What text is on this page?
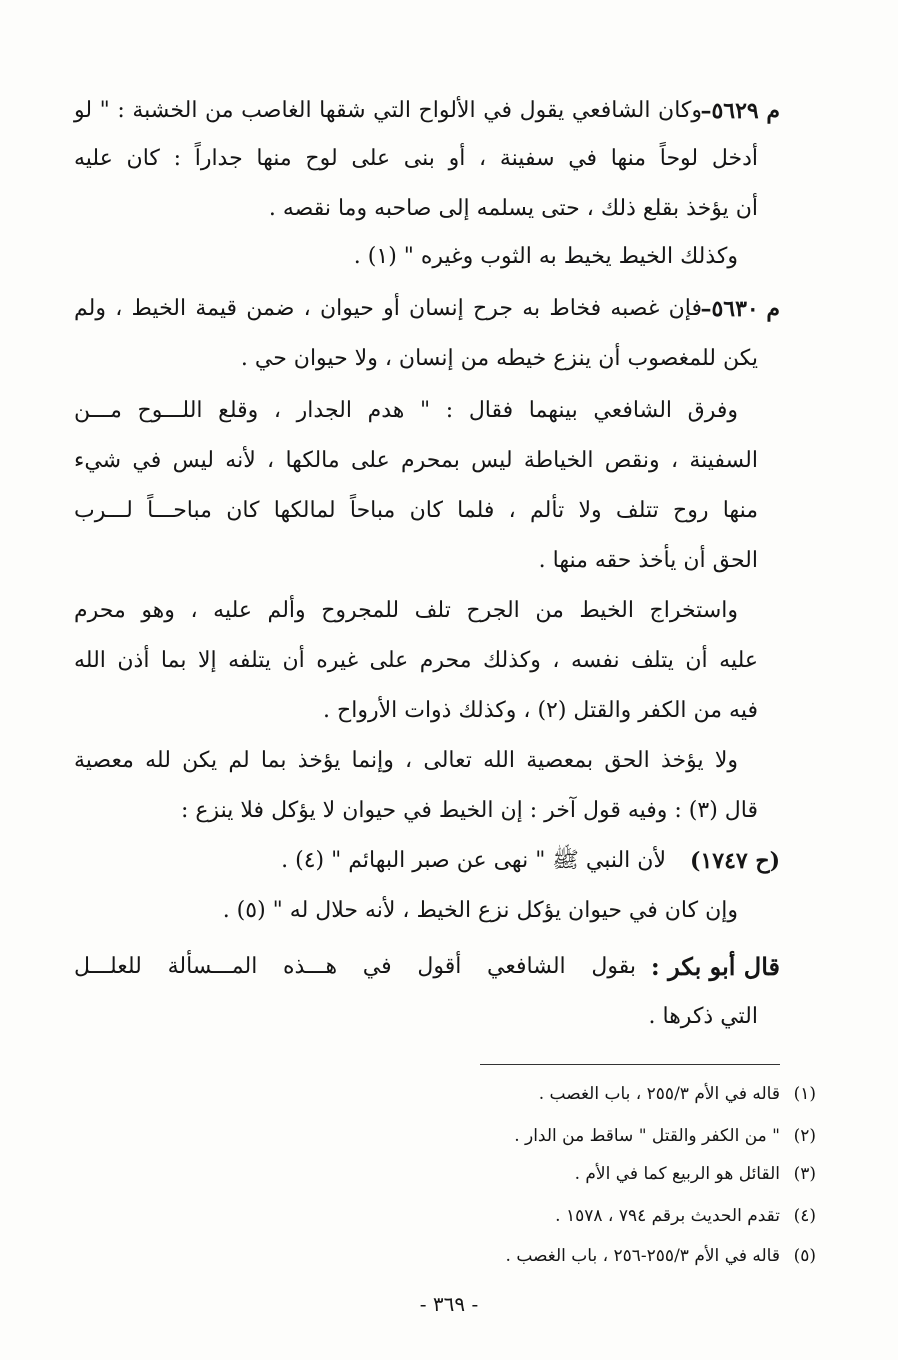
م ٥٦٢٩–
وكان الشافعي يقول في الألواح التي شقها الغاصب من الخشبة : " لو
أدخل لوحاً منها في سفينة ، أو بنى على لوح منها جداراً : كان عليه
أن يؤخذ بقلع ذلك ، حتى يسلمه إلى صاحبه وما نقصه .
وكذلك الخيط يخيط به الثوب وغيره " (١) .
م ٥٦٣٠–
فإن غصبه فخاط به جرح إنسان أو حيوان ، ضمن قيمة الخيط ، ولم
يكن للمغصوب أن ينزع خيطه من إنسان ، ولا حيوان حي .
وفرق الشافعي بينهما فقال : " هدم الجدار ، وقلع اللـــوح مـــن
السفينة ، ونقص الخياطة ليس بمحرم على مالكها ، لأنه ليس في شيء
منها روح تتلف ولا تألم ، فلما كان مباحاً لمالكها كان مباحـــاً لـــرب
الحق أن يأخذ حقه منها .
واستخراج الخيط من الجرح تلف للمجروح وألم عليه ، وهو محرم
عليه أن يتلف نفسه ، وكذلك محرم على غيره أن يتلفه إلا بما أذن الله
فيه من الكفر والقتل (٢) ، وكذلك ذوات الأرواح .
ولا يؤخذ الحق بمعصية الله تعالى ، وإنما يؤخذ بما لم يكن لله معصية
قال (٣) : وفيه قول آخر : إن الخيط في حيوان لا يؤكل فلا ينزع :
(ح ١٧٤٧)
لأن النبي ﷺ " نهى عن صبر البهائم " (٤) .
وإن كان في حيوان يؤكل نزع الخيط ، لأنه حلال له " (٥) .
قال أبو بكر :
بقول الشافعي أقول في هـــذه المـــسألة للعلـــل
التي ذكرها .
قاله في الأم ٢٥٥/٣ ، باب الغصب . (١)
" من الكفر والقتل " ساقط من الدار . (٢)
القائل هو الربيع كما في الأم . (٣)
تقدم الحديث برقم ٧٩٤ ، ١٥٧٨ . (٤)
قاله في الأم ٢٥٥/٣-٢٥٦ ، باب الغصب . (٥)
- ٣٦٩ -
